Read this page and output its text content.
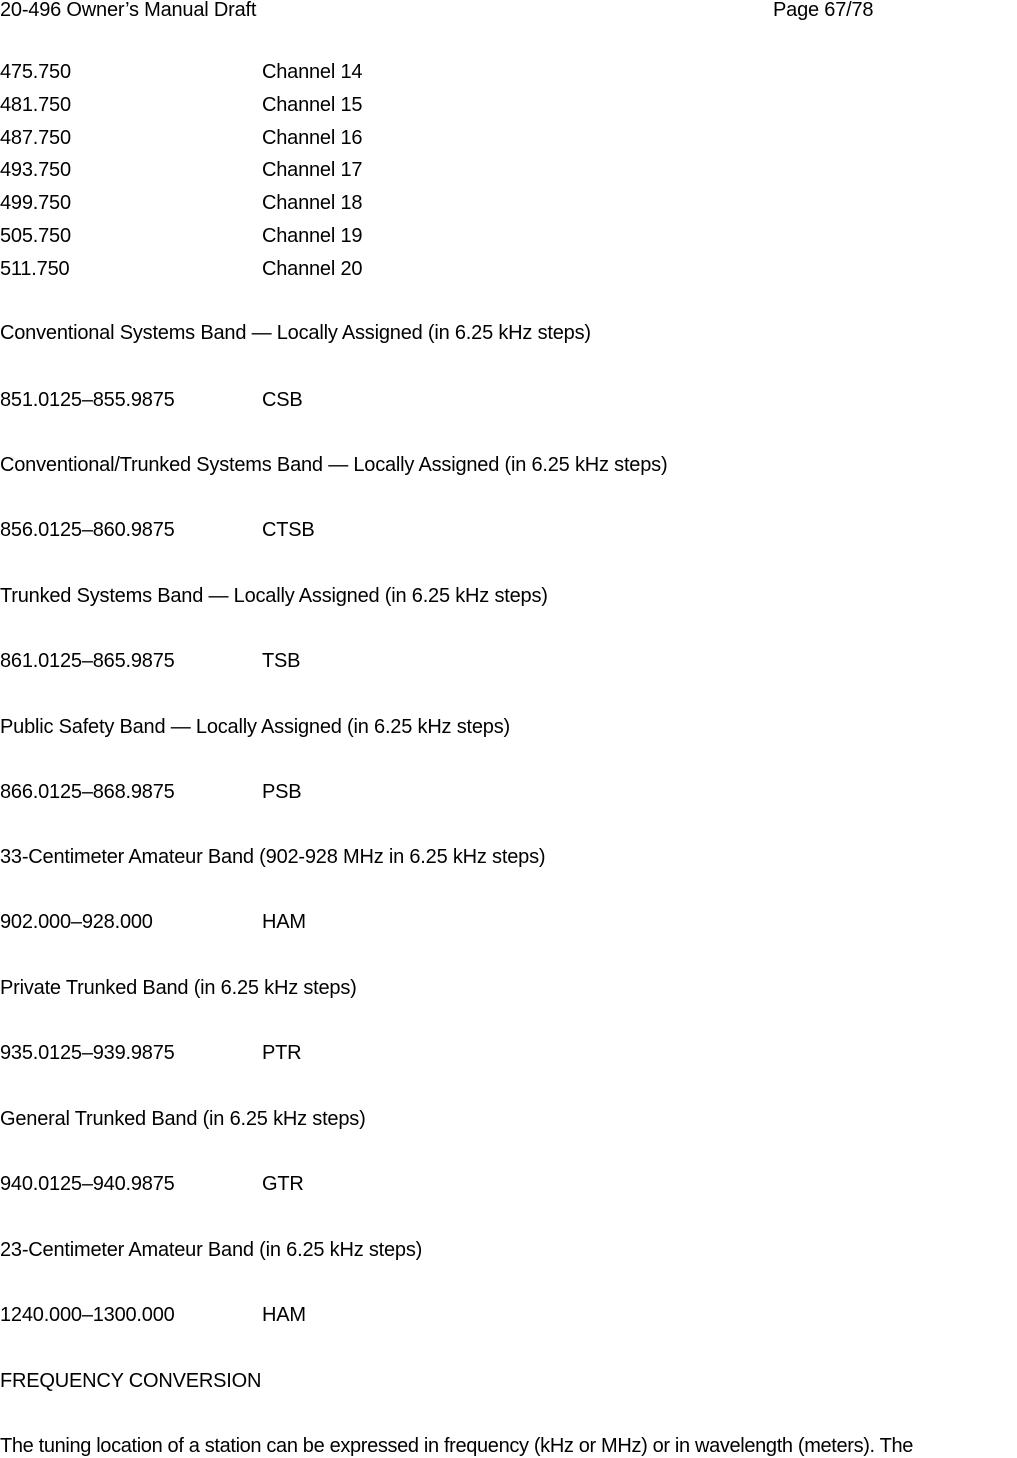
20-496 Owner’s Manual Draft	Page 67/78
475.750	Channel 14
481.750	Channel 15
487.750	Channel 16
493.750	Channel 17
499.750	Channel 18
505.750	Channel 19
511.750	Channel 20
Conventional Systems Band — Locally Assigned (in 6.25 kHz steps)
851.0125–855.9875	CSB
Conventional/Trunked Systems Band — Locally Assigned (in 6.25 kHz steps)
856.0125–860.9875	CTSB
Trunked Systems Band — Locally Assigned (in 6.25 kHz steps)
861.0125–865.9875	TSB
Public Safety Band — Locally Assigned (in 6.25 kHz steps)
866.0125–868.9875	PSB
33-Centimeter Amateur Band (902-928 MHz in 6.25 kHz steps)
902.000–928.000	HAM
Private Trunked Band (in 6.25 kHz steps)
935.0125–939.9875	PTR
General Trunked Band (in 6.25 kHz steps)
940.0125–940.9875	GTR
23-Centimeter Amateur Band (in 6.25 kHz steps)
1240.000–1300.000	HAM
FREQUENCY CONVERSION
The tuning location of a station can be expressed in frequency (kHz or MHz) or in wavelength (meters). The
